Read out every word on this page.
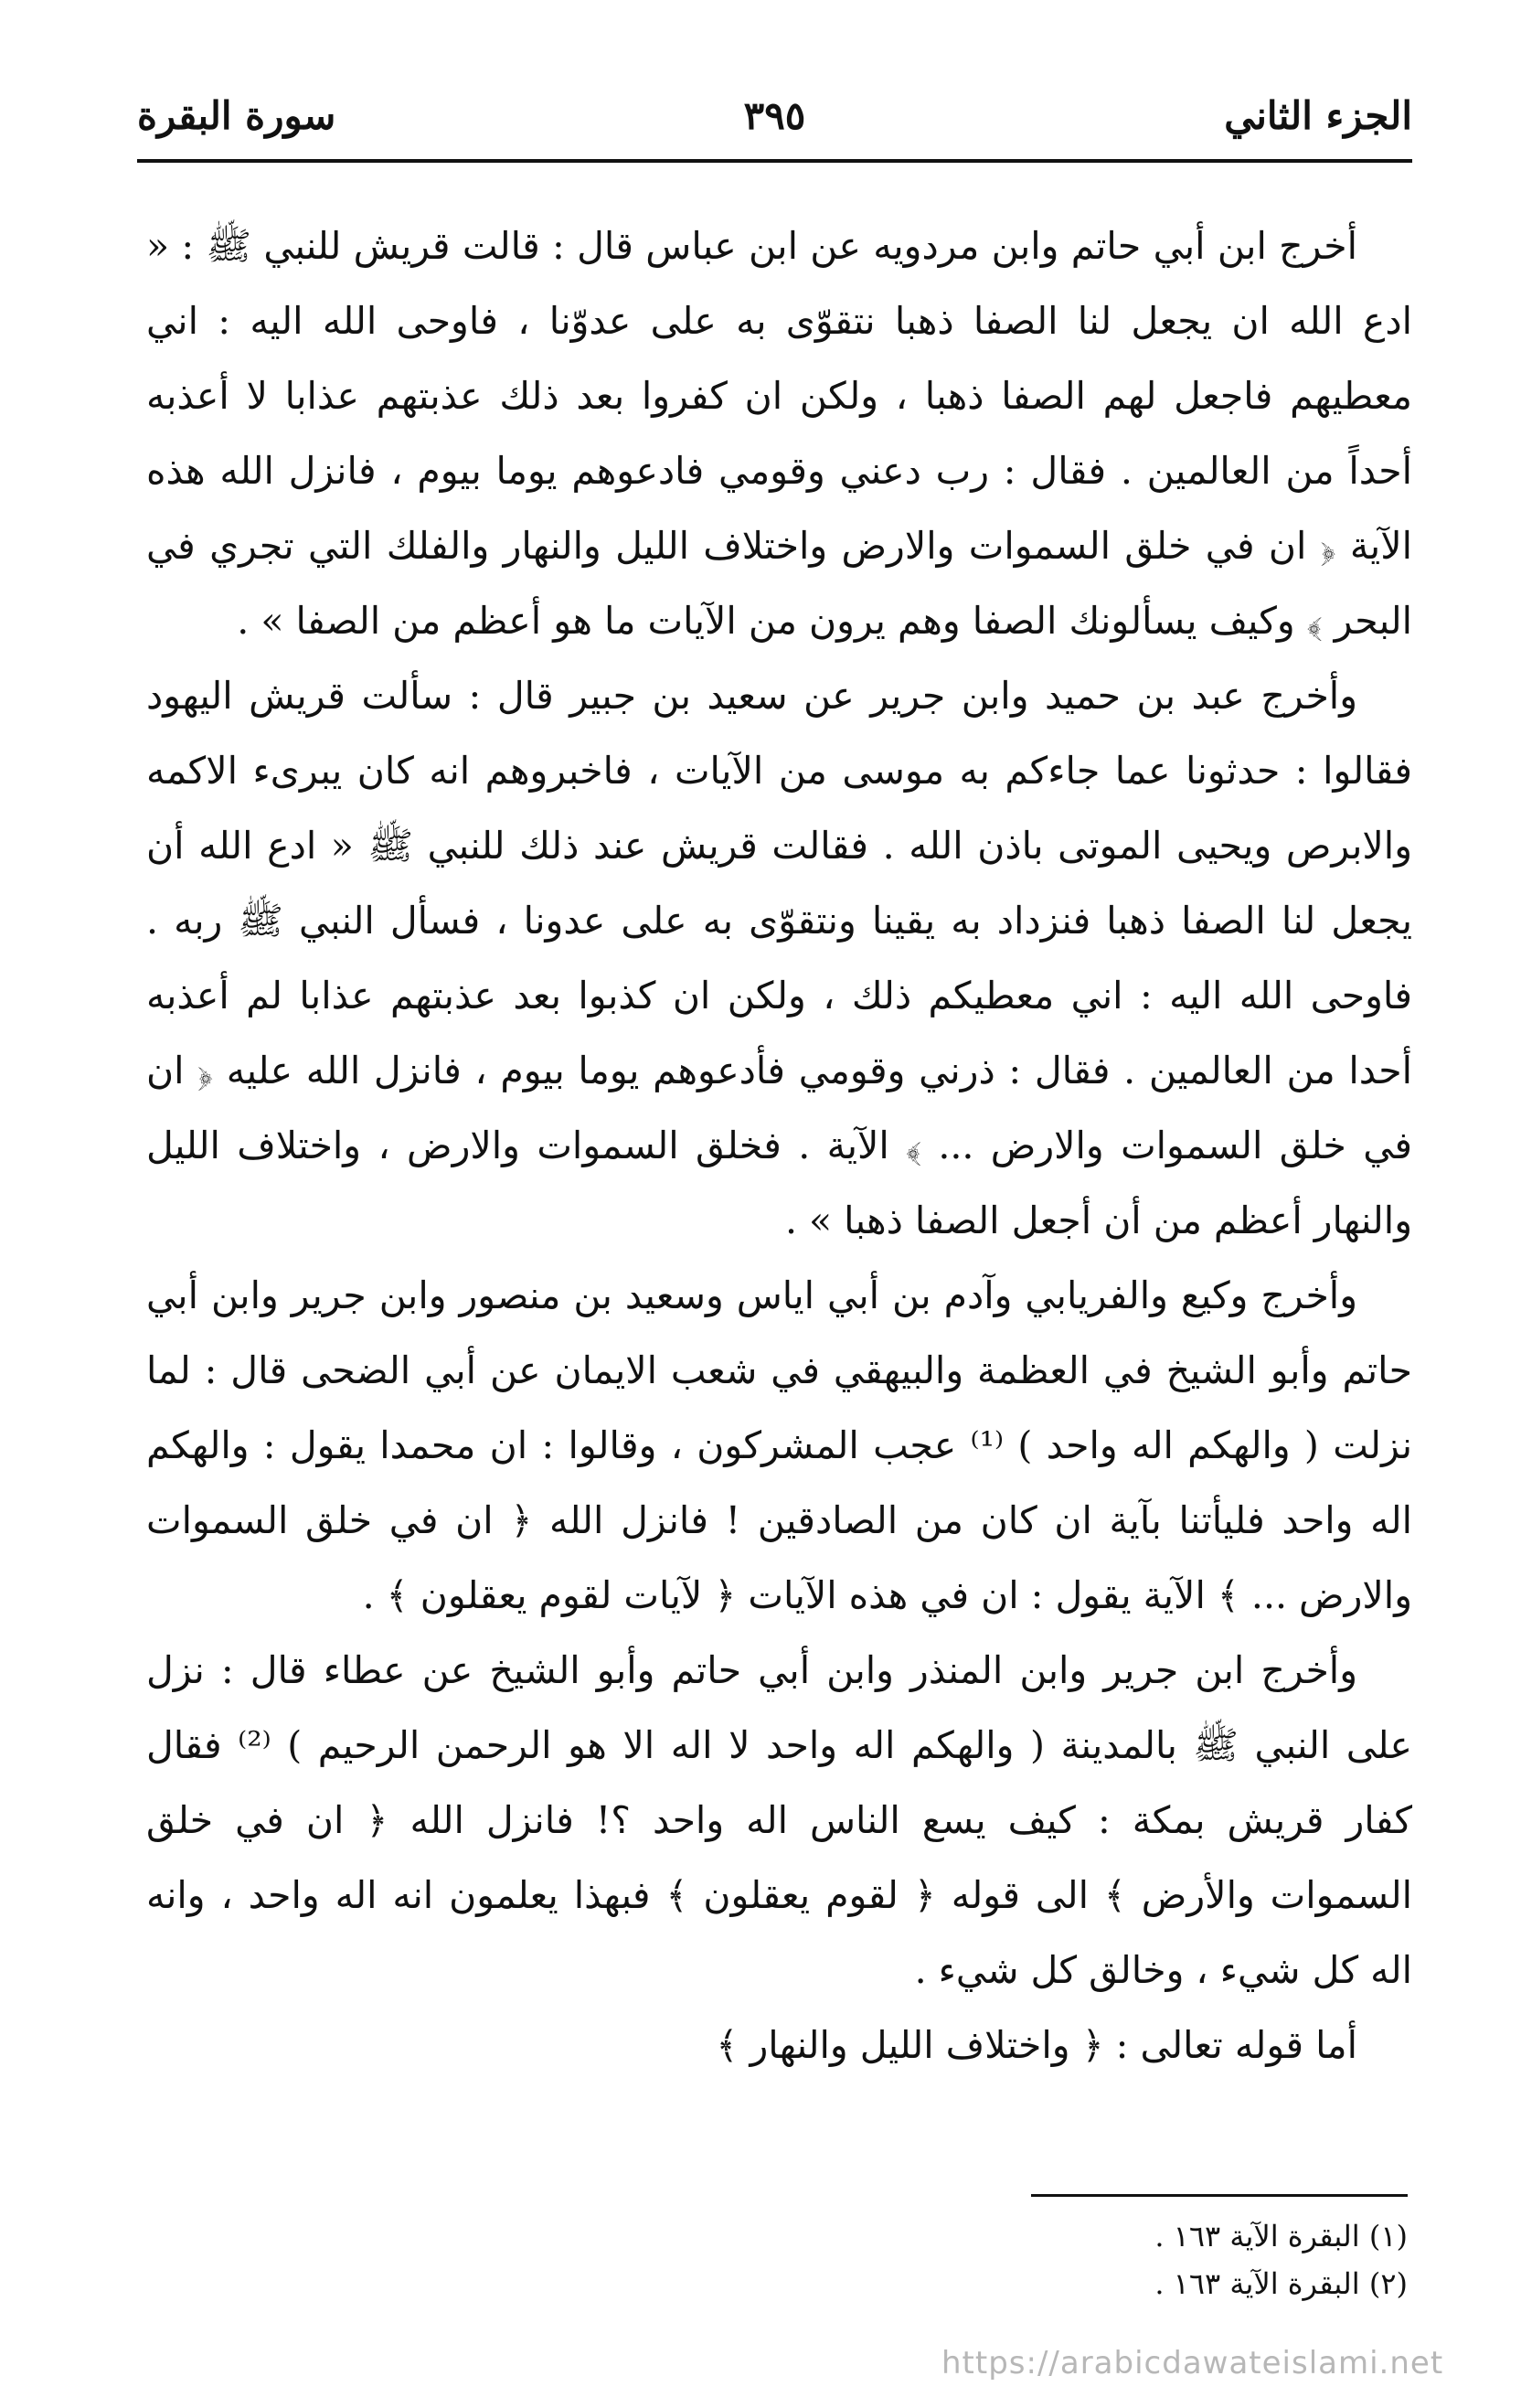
الجزء الثاني
٣٩٥
سورة البقرة

أخرج ابن أبي حاتم وابن مردويه عن ابن عباس قال : قالت قريش للنبي ﷺ : « ادع الله ان يجعل لنا الصفا ذهبا نتقوّى به على عدوّنا ، فاوحى الله اليه : اني معطيهم فاجعل لهم الصفا ذهبا ، ولكن ان كفروا بعد ذلك عذبتهم عذابا لا أعذبه أحداً من العالمين . فقال : رب دعني وقومي فادعوهم يوما بيوم ، فانزل الله هذه الآية ﴿ ان في خلق السموات والارض واختلاف الليل والنهار والفلك التي تجري في البحر ﴾ وكيف يسألونك الصفا وهم يرون من الآيات ما هو أعظم من الصفا » .

وأخرج عبد بن حميد وابن جرير عن سعيد بن جبير قال : سألت قريش اليهود فقالوا : حدثونا عما جاءكم به موسى من الآيات ، فاخبروهم انه كان يبرىء الاكمه والابرص ويحيى الموتى باذن الله . فقالت قريش عند ذلك للنبي ﷺ « ادع الله أن يجعل لنا الصفا ذهبا فنزداد به يقينا ونتقوّى به على عدونا ، فسأل النبي ﷺ ربه . فاوحى الله اليه : اني معطيكم ذلك ، ولكن ان كذبوا بعد عذبتهم عذابا لم أعذبه أحدا من العالمين . فقال : ذرني وقومي فأدعوهم يوما بيوم ، فانزل الله عليه ﴿ ان في خلق السموات والارض ... ﴾ الآية . فخلق السموات والارض ، واختلاف الليل والنهار أعظم من أن أجعل الصفا ذهبا » .

وأخرج وكيع والفريابي وآدم بن أبي اياس وسعيد بن منصور وابن جرير وابن أبي حاتم وأبو الشيخ في العظمة والبيهقي في شعب الايمان عن أبي الضحى قال : لما نزلت ( والهكم اله واحد ) ⁽¹⁾ عجب المشركون ، وقالوا : ان محمدا يقول : والهكم اله واحد فليأتنا بآية ان كان من الصادقين ! فانزل الله ﴿ ان في خلق السموات والارض ... ﴾ الآية يقول : ان في هذه الآيات ﴿ لآيات لقوم يعقلون ﴾ .

وأخرج ابن جرير وابن المنذر وابن أبي حاتم وأبو الشيخ عن عطاء قال : نزل على النبي ﷺ بالمدينة ( والهكم اله واحد لا اله الا هو الرحمن الرحيم ) ⁽²⁾ فقال كفار قريش بمكة : كيف يسع الناس اله واحد ؟! فانزل الله ﴿ ان في خلق السموات والأرض ﴾ الى قوله ﴿ لقوم يعقلون ﴾ فبهذا يعلمون انه اله واحد ، وانه اله كل شيء ، وخالق كل شيء .

أما قوله تعالى : ﴿ واختلاف الليل والنهار ﴾

(١) البقرة الآية ١٦٣ .

(٢) البقرة الآية ١٦٣ .

https://arabicdawateislami.net
